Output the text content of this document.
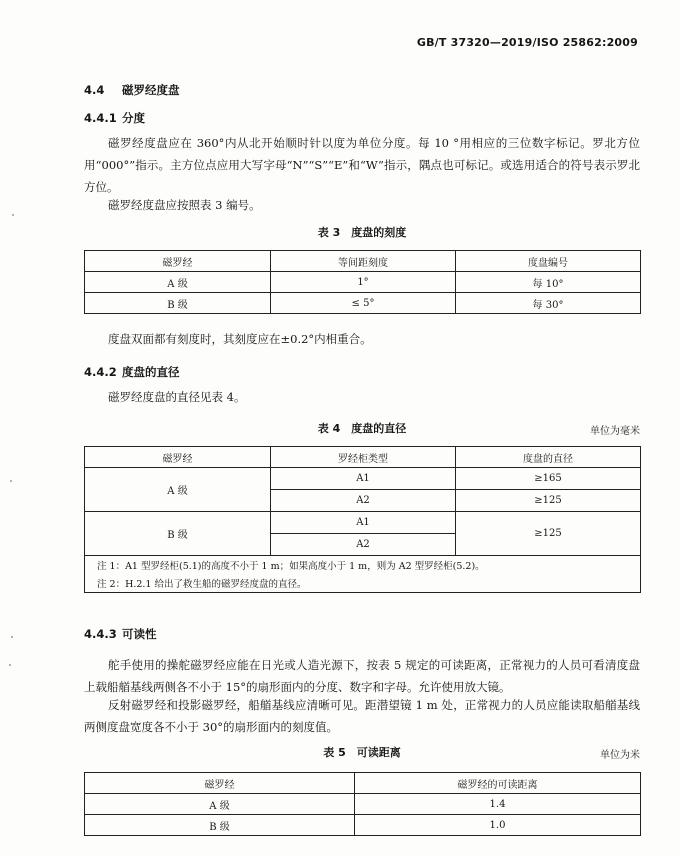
GB/T 37320—2019/ISO 25862:2009
4.4 磁罗经度盘
4.4.1 分度
磁罗经度盘应在 360°内从北开始顺时针以度为单位分度。每 10 °用相应的三位数字标记。罗北方位用“000°”指示。主方位点应用大写字母“N”“S”“E”和“W”指示，隅点也可标记。或选用适合的符号表示罗北方位。
磁罗经度盘应按照表 3 编号。
表 3　度盘的刻度
磁罗经	等间距刻度	度盘编号
A 级	1°	每 10°
B 级	≤ 5°	每 30°
度盘双面都有刻度时，其刻度应在±0.2°内相重合。
4.4.2 度盘的直径
磁罗经度盘的直径见表 4。
表 4　度盘的直径	单位为毫米
磁罗经	罗经柜类型	度盘的直径
A 级	A1	≥165
	A2	≥125
B 级	A1	≥125
	A2	
注 1：A1 型罗经柜(5.1)的高度不小于 1 m；如果高度小于 1 m，则为 A2 型罗经柜(5.2)。		
注 2：H.2.1 给出了救生船的磁罗经度盘的直径。		
4.4.3 可读性
舵手使用的操舵磁罗经应能在日光或人造光源下，按表 5 规定的可读距离，正常视力的人员可看清度盘上载船艏基线两侧各不小于 15°的扇形面内的分度、数字和字母。允许使用放大镜。
反射磁罗经和投影磁罗经，船艏基线应清晰可见。距潜望镜 1 m 处，正常视力的人员应能读取船艏基线两侧度盘宽度各不小于 30°的扇形面内的刻度值。
表 5　可读距离	单位为米
磁罗经	磁罗经的可读距离
A 级	1.4
B 级	1.0
